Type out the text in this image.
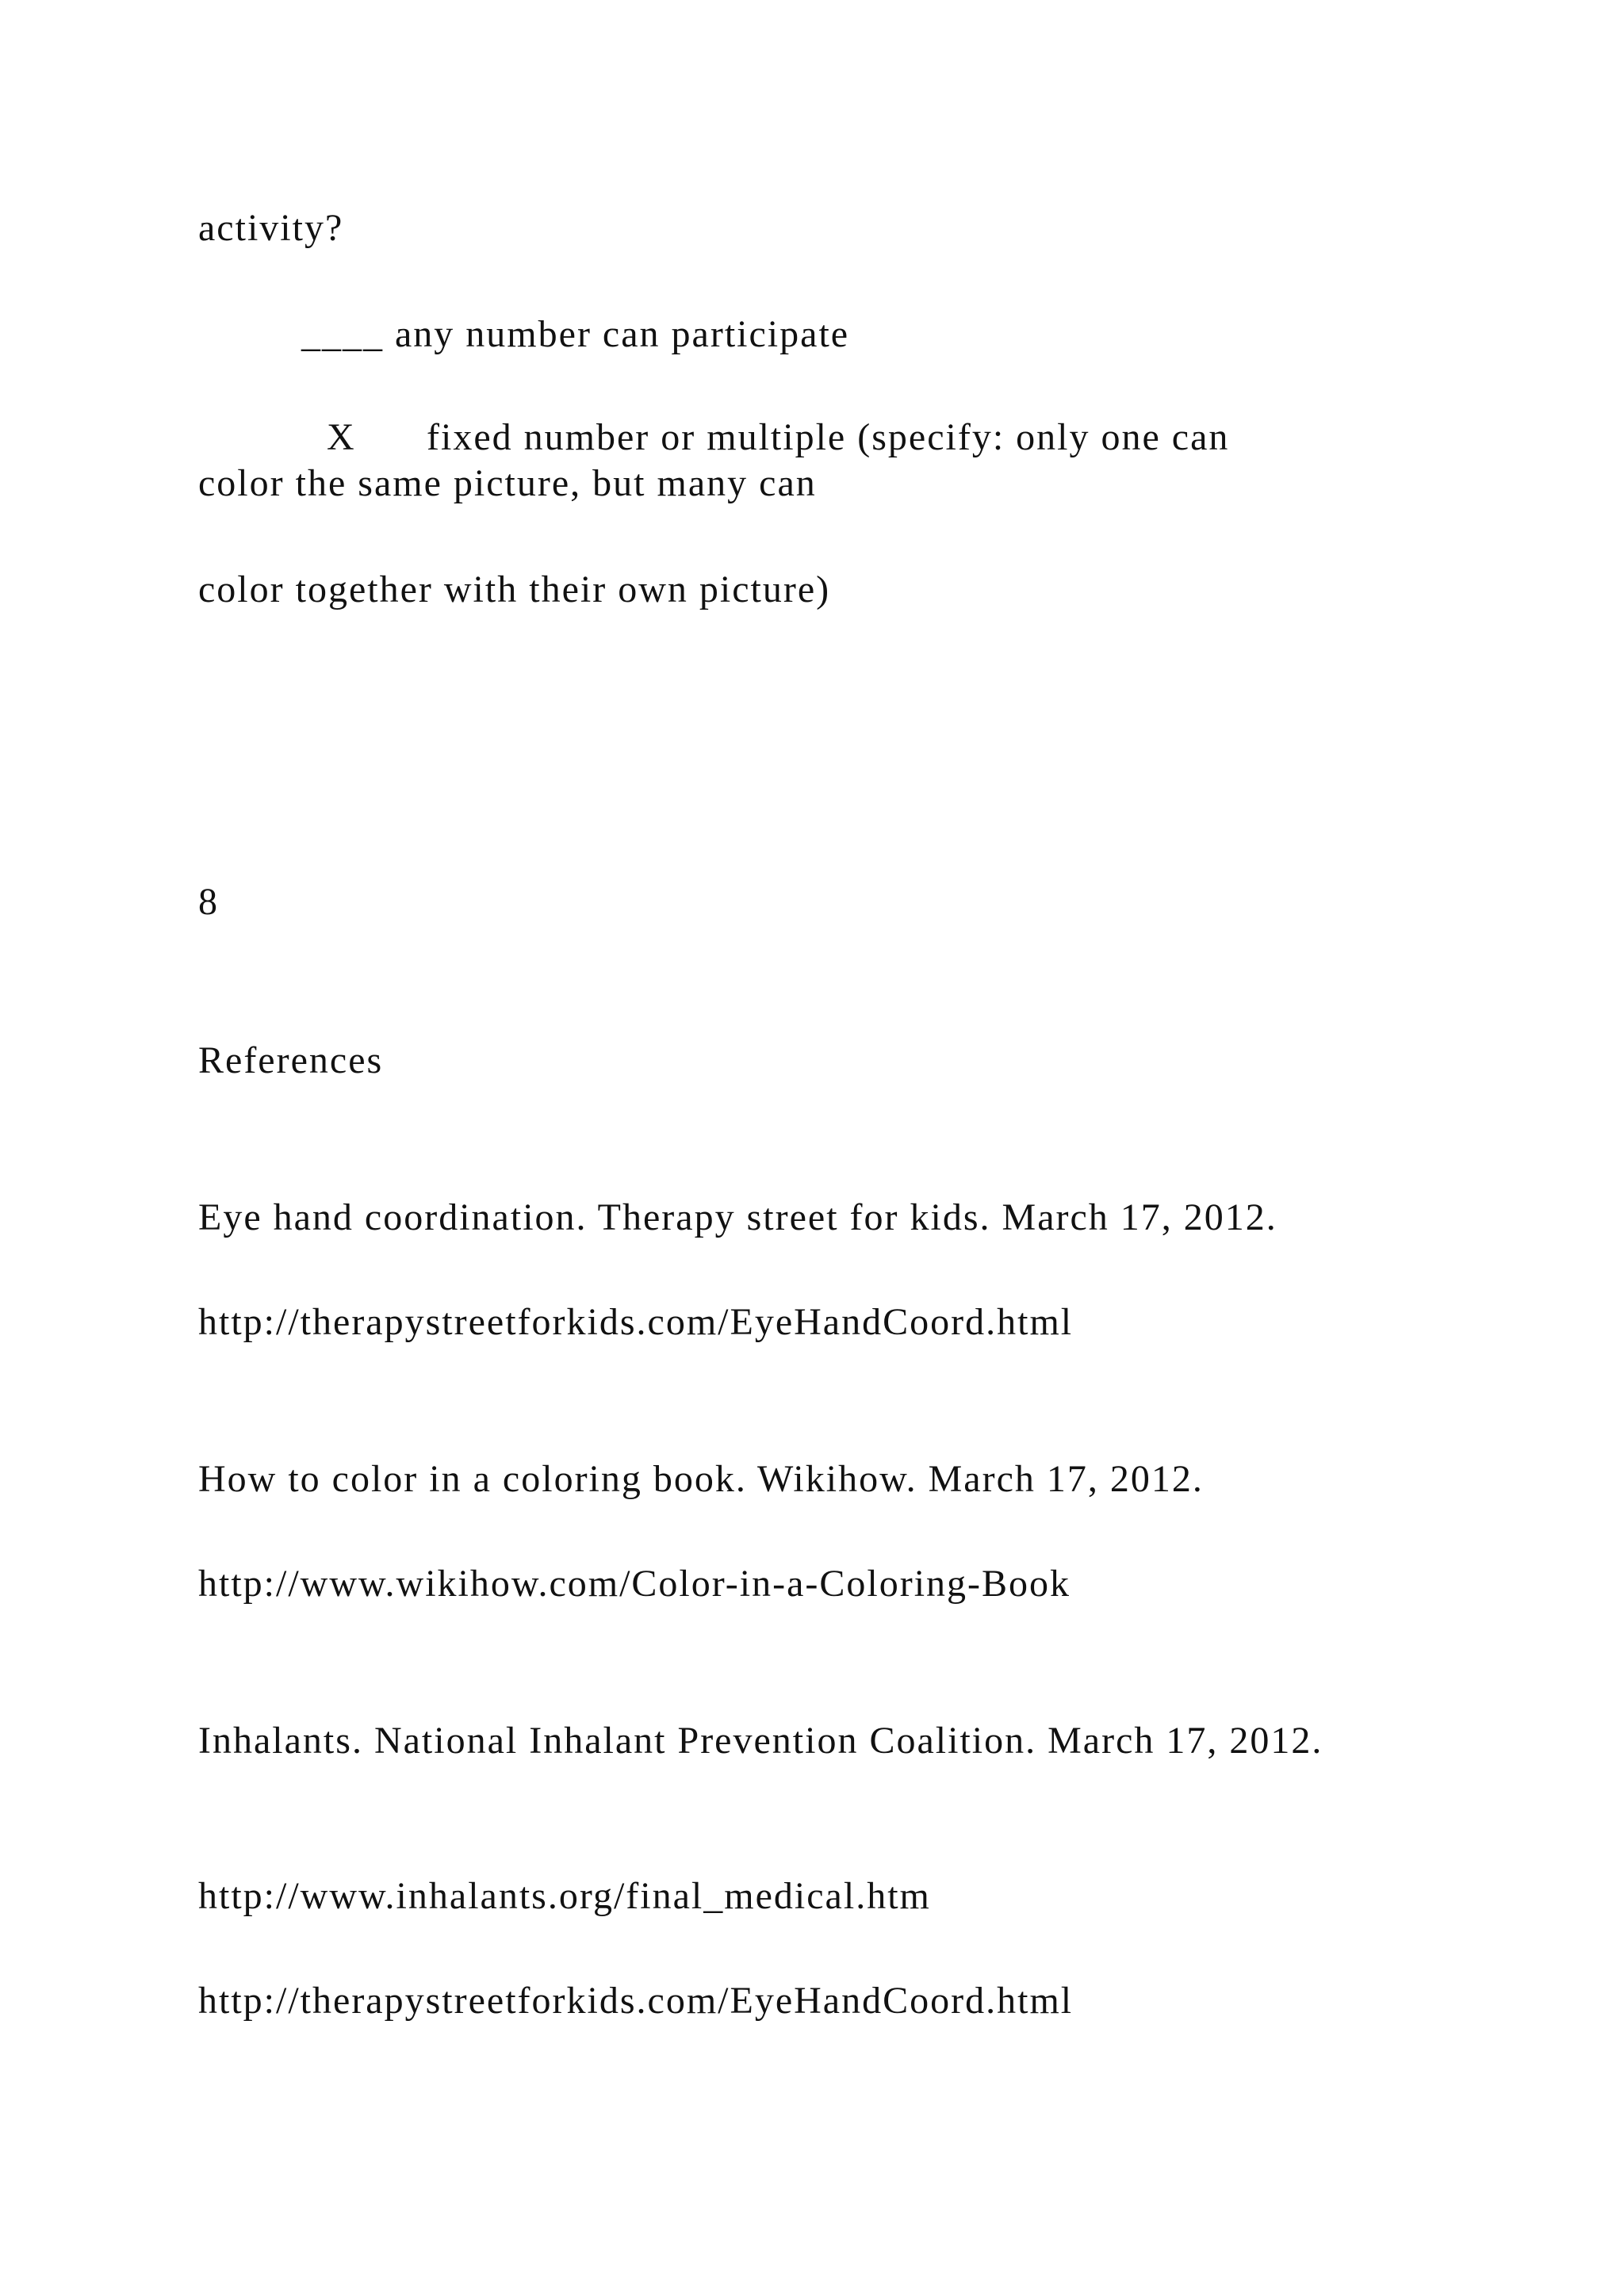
activity?
____ any number can participate
X fixed number or multiple (specify: only one can
color the same picture, but many can
color together with their own picture)
8
References
Eye hand coordination. Therapy street for kids. March 17, 2012.
http://therapystreetforkids.com/EyeHandCoord.html
How to color in a coloring book. Wikihow. March 17, 2012.
http://www.wikihow.com/Color-in-a-Coloring-Book
Inhalants. National Inhalant Prevention Coalition. March 17, 2012.
http://www.inhalants.org/final_medical.htm
http://therapystreetforkids.com/EyeHandCoord.html
